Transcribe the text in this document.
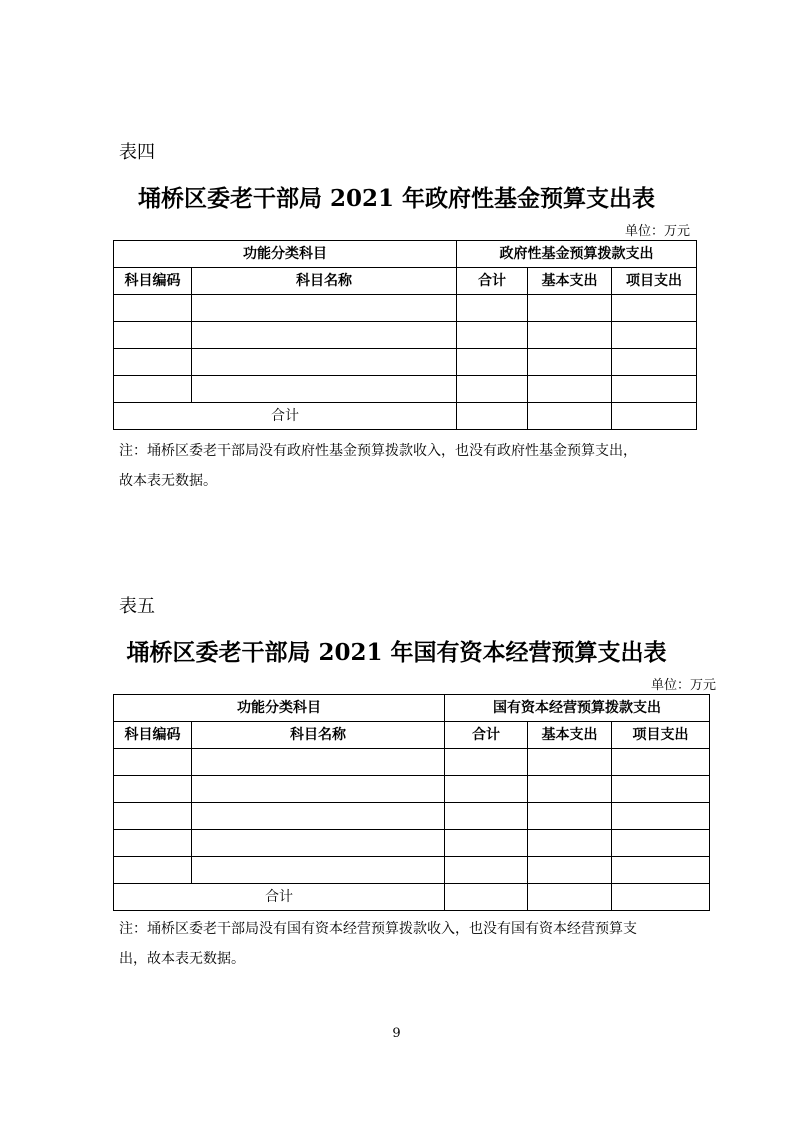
表四
埇桥区委老干部局 2021 年政府性基金预算支出表
单位：万元
功能分类科目		政府性基金预算拨款支出		
科目编码	科目名称	合计	基本支出	项目支出

合计				
注：埇桥区委老干部局没有政府性基金预算拨款收入，也没有政府性基金预算支出，
故本表无数据。
表五
埇桥区委老干部局 2021 年国有资本经营预算支出表
单位：万元
功能分类科目		国有资本经营预算拨款支出		
科目编码	科目名称	合计	基本支出	项目支出

合计				
注：埇桥区委老干部局没有国有资本经营预算拨款收入，也没有国有资本经营预算支
出，故本表无数据。
9
